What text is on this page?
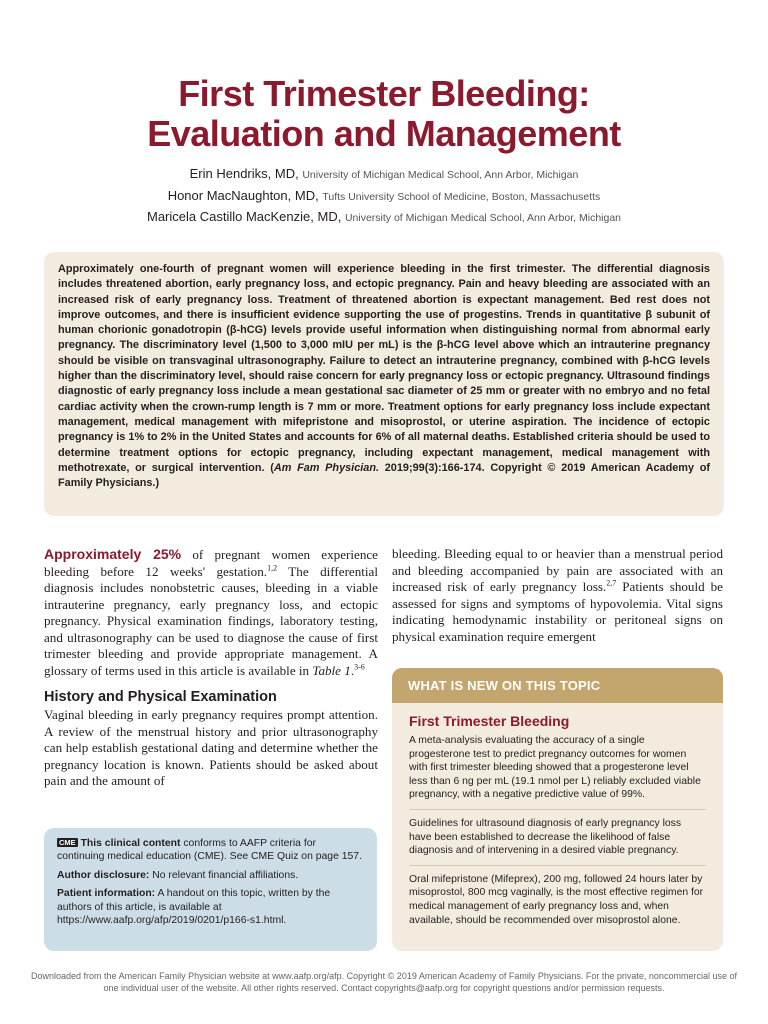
First Trimester Bleeding:
Evaluation and Management
Erin Hendriks, MD, University of Michigan Medical School, Ann Arbor, Michigan
Honor MacNaughton, MD, Tufts University School of Medicine, Boston, Massachusetts
Maricela Castillo MacKenzie, MD, University of Michigan Medical School, Ann Arbor, Michigan

Approximately one-fourth of pregnant women will experience bleeding in the first trimester. The differential diagnosis includes threatened abortion, early pregnancy loss, and ectopic pregnancy. Pain and heavy bleeding are associated with an increased risk of early pregnancy loss. Treatment of threatened abortion is expectant management. Bed rest does not improve outcomes, and there is insufficient evidence supporting the use of progestins. Trends in quantitative β subunit of human chorionic gonadotropin (β-hCG) levels provide useful information when distinguishing normal from abnormal early pregnancy. The discriminatory level (1,500 to 3,000 mIU per mL) is the β-hCG level above which an intrauterine pregnancy should be visible on transvaginal ultrasonography. Failure to detect an intrauterine pregnancy, combined with β-hCG levels higher than the discriminatory level, should raise concern for early pregnancy loss or ectopic pregnancy. Ultrasound findings diagnostic of early pregnancy loss include a mean gestational sac diameter of 25 mm or greater with no embryo and no fetal cardiac activity when the crown-rump length is 7 mm or more. Treatment options for early pregnancy loss include expectant management, medical management with mifepristone and misoprostol, or uterine aspiration. The incidence of ectopic pregnancy is 1% to 2% in the United States and accounts for 6% of all maternal deaths. Established criteria should be used to determine treatment options for ectopic pregnancy, including expectant management, medical management with methotrexate, or surgical intervention. (Am Fam Physician. 2019;99(3):166-174. Copyright © 2019 American Academy of Family Physicians.)

Approximately 25% of pregnant women experience bleeding before 12 weeks' gestation.$^{1,2}$ The differential diagnosis includes nonobstetric causes, bleeding in a viable intrauterine pregnancy, early pregnancy loss, and ectopic pregnancy. Physical examination findings, laboratory testing, and ultrasonography can be used to diagnose the cause of first trimester bleeding and provide appropriate management. A glossary of terms used in this article is available in Table 1.$^{3-6}$

History and Physical Examination

Vaginal bleeding in early pregnancy requires prompt attention. A review of the menstrual history and prior ultrasonography can help establish gestational dating and determine whether the pregnancy location is known. Patients should be asked about pain and the amount of

bleeding. Bleeding equal to or heavier than a menstrual period and bleeding accompanied by pain are associated with an increased risk of early pregnancy loss.$^{2,7}$ Patients should be assessed for signs and symptoms of hypovolemia. Vital signs indicating hemodynamic instability or peritoneal signs on physical examination require emergent

CME This clinical content conforms to AAFP criteria for continuing medical education (CME). See CME Quiz on page 157.

Author disclosure: No relevant financial affiliations.

Patient information: A handout on this topic, written by the authors of this article, is available at https://www.aafp.org/afp/2019/0201/p166-s1.html.

WHAT IS NEW ON THIS TOPIC
First Trimester Bleeding

A meta-analysis evaluating the accuracy of a single progesterone test to predict pregnancy outcomes for women with first trimester bleeding showed that a progesterone level less than 6 ng per mL (19.1 nmol per L) reliably excluded viable pregnancy, with a negative predictive value of 99%.

Guidelines for ultrasound diagnosis of early pregnancy loss have been established to decrease the likelihood of false diagnosis and of intervening in a desired viable pregnancy.

Oral mifepristone (Mifeprex), 200 mg, followed 24 hours later by misoprostol, 800 mcg vaginally, is the most effective regimen for medical management of early pregnancy loss and, when available, should be recommended over misoprostol alone.

Downloaded from the American Family Physician website at www.aafp.org/afp. Copyright © 2019 American Academy of Family Physicians. For the private, noncommercial use of one individual user of the website. All other rights reserved. Contact copyrights@aafp.org for copyright questions and/or permission requests.
